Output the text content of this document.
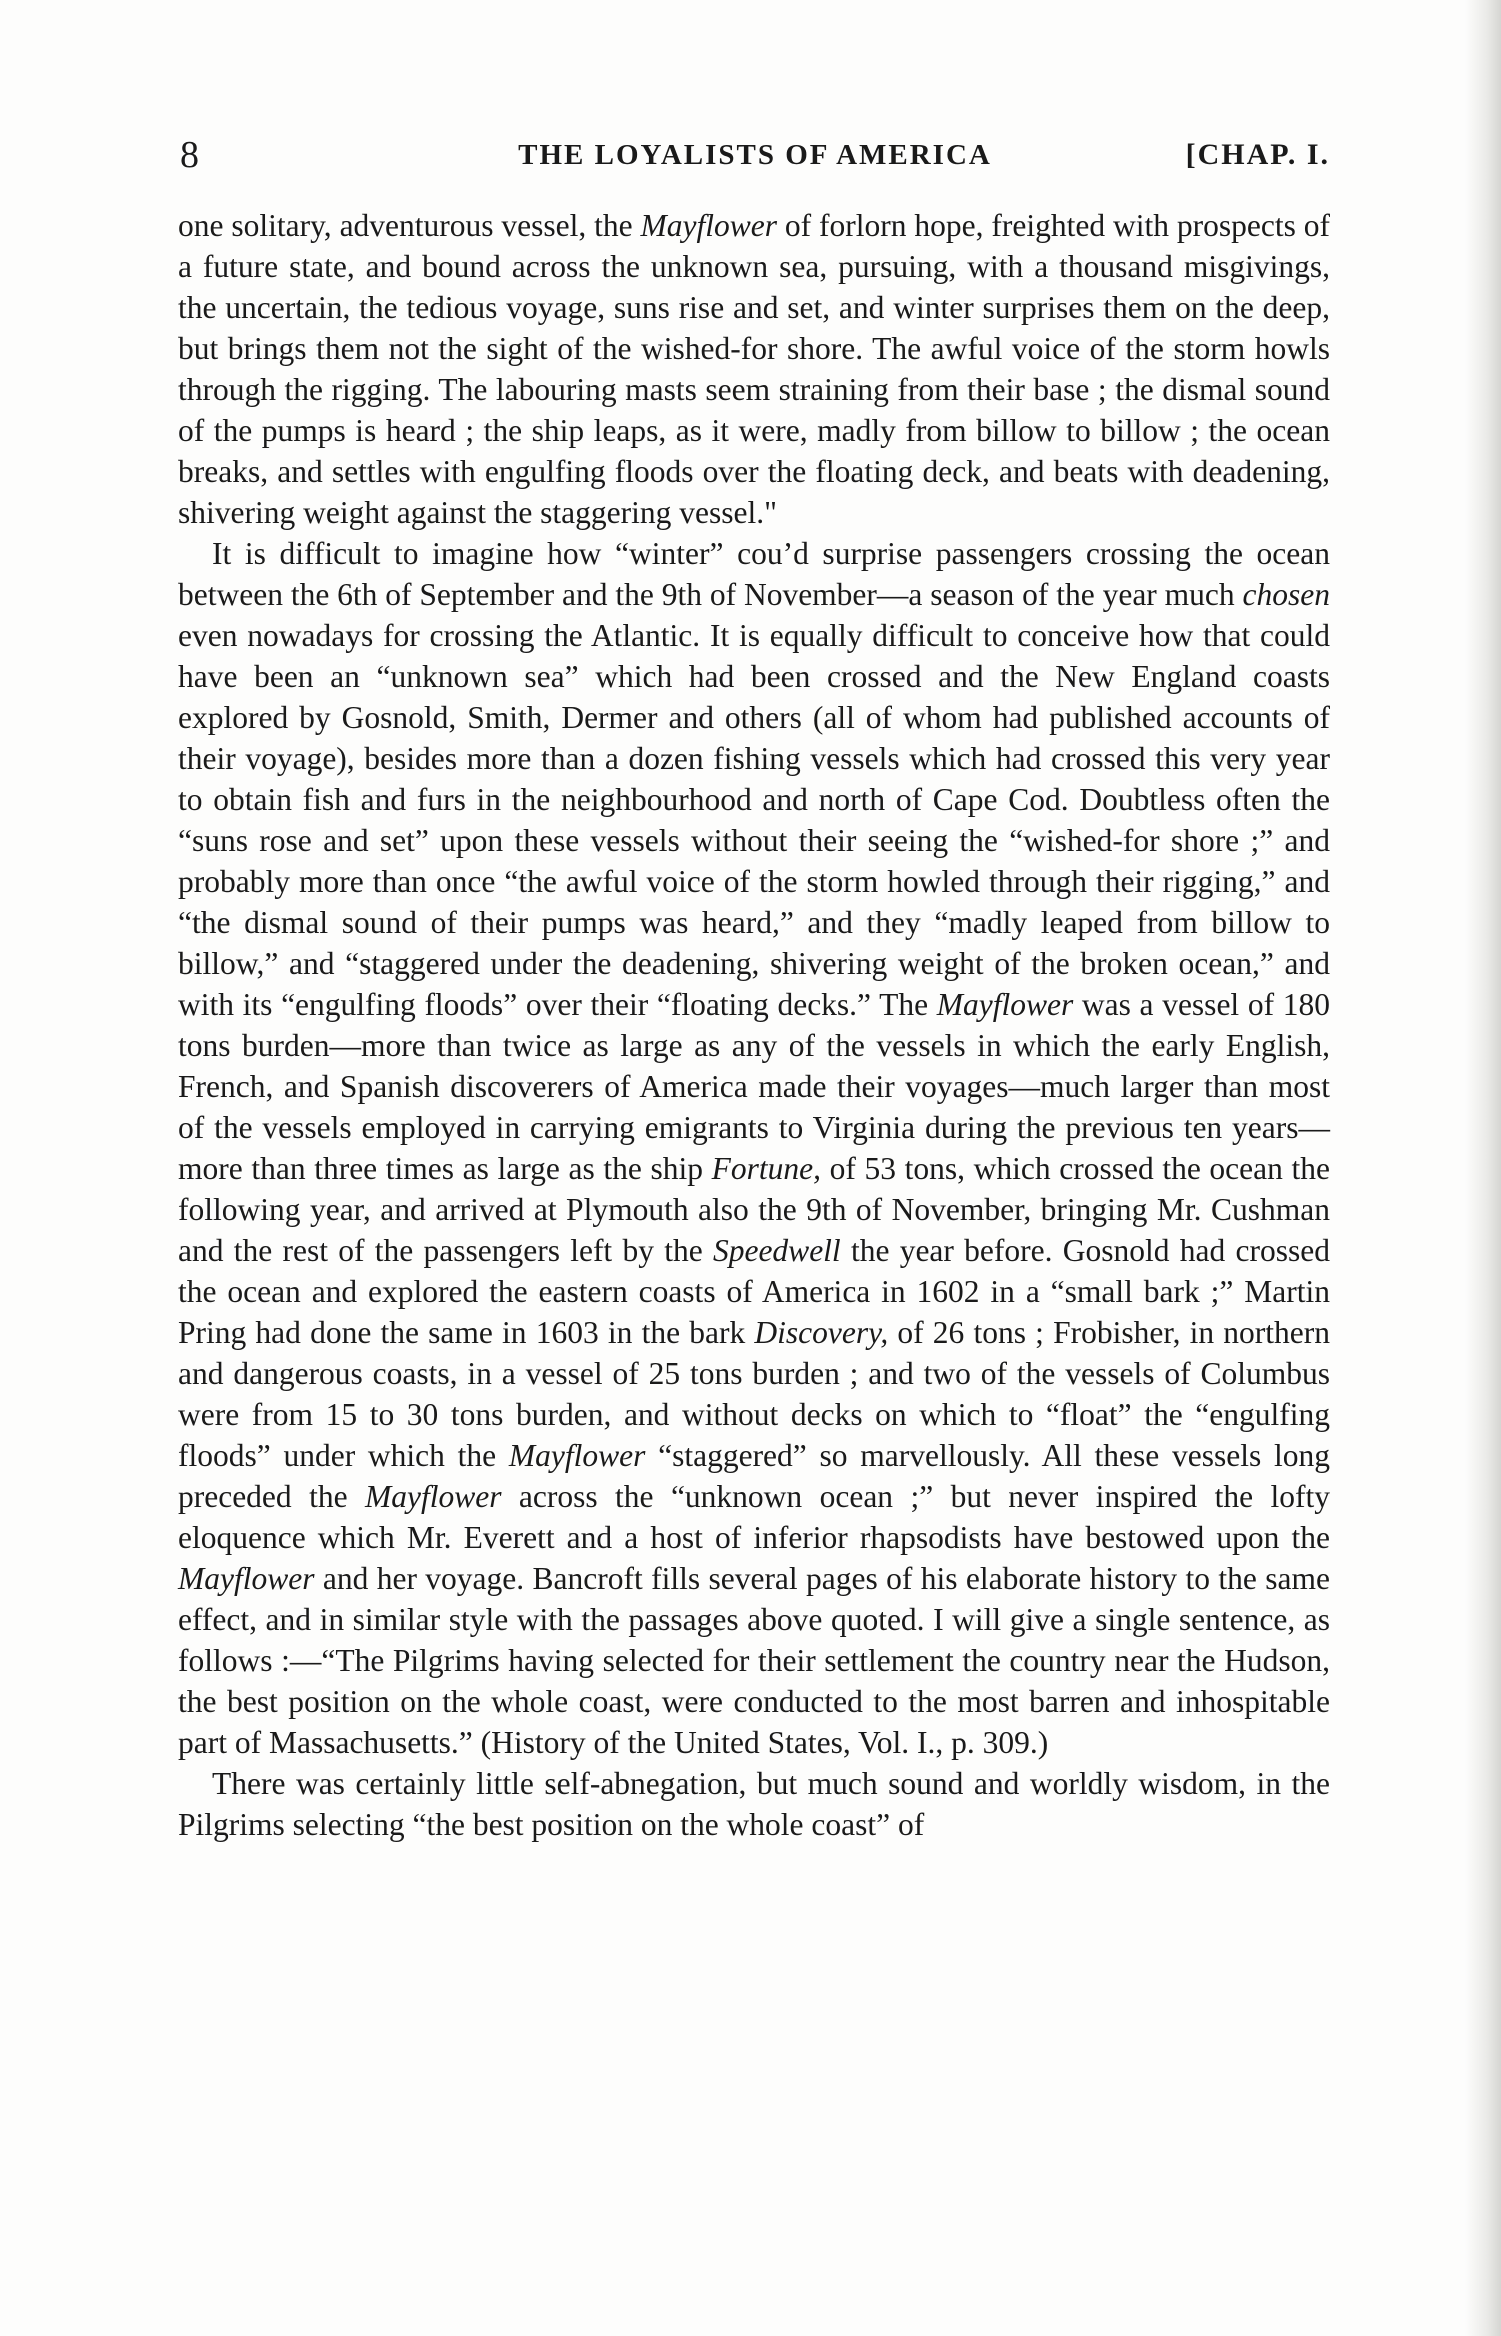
8	THE LOYALISTS OF AMERICA	[CHAP. I.

one solitary, adventurous vessel, the Mayflower of forlorn hope, freighted with prospects of a future state, and bound across the unknown sea, pursuing, with a thousand misgivings, the uncertain, the tedious voyage, suns rise and set, and winter surprises them on the deep, but brings them not the sight of the wished-for shore. The awful voice of the storm howls through the rigging. The labouring masts seem straining from their base ; the dismal sound of the pumps is heard ; the ship leaps, as it were, madly from billow to billow ; the ocean breaks, and settles with engulfing floods over the floating deck, and beats with deadening, shivering weight against the staggering vessel."

It is difficult to imagine how “winter” cou’d surprise passengers crossing the ocean between the 6th of September and the 9th of November—a season of the year much chosen even nowadays for crossing the Atlantic. It is equally difficult to conceive how that could have been an “unknown sea” which had been crossed and the New England coasts explored by Gosnold, Smith, Dermer and others (all of whom had published accounts of their voyage), besides more than a dozen fishing vessels which had crossed this very year to obtain fish and furs in the neighbourhood and north of Cape Cod. Doubtless often the “suns rose and set” upon these vessels without their seeing the “wished-for shore ;” and probably more than once “the awful voice of the storm howled through their rigging,” and “the dismal sound of their pumps was heard,” and they “madly leaped from billow to billow,” and “staggered under the deadening, shivering weight of the broken ocean,” and with its “engulfing floods” over their “floating decks.” The Mayflower was a vessel of 180 tons burden—more than twice as large as any of the vessels in which the early English, French, and Spanish discoverers of America made their voyages—much larger than most of the vessels employed in carrying emigrants to Virginia during the previous ten years—more than three times as large as the ship Fortune, of 53 tons, which crossed the ocean the following year, and arrived at Plymouth also the 9th of November, bringing Mr. Cushman and the rest of the passengers left by the Speedwell the year before. Gosnold had crossed the ocean and explored the eastern coasts of America in 1602 in a “small bark ;” Martin Pring had done the same in 1603 in the bark Discovery, of 26 tons ; Frobisher, in northern and dangerous coasts, in a vessel of 25 tons burden ; and two of the vessels of Columbus were from 15 to 30 tons burden, and without decks on which to “float” the “engulfing floods” under which the Mayflower “staggered” so marvellously. All these vessels long preceded the Mayflower across the “unknown ocean ;” but never inspired the lofty eloquence which Mr. Everett and a host of inferior rhapsodists have bestowed upon the Mayflower and her voyage. Bancroft fills several pages of his elaborate history to the same effect, and in similar style with the passages above quoted. I will give a single sentence, as follows :—“The Pilgrims having selected for their settlement the country near the Hudson, the best position on the whole coast, were conducted to the most barren and inhospitable part of Massachusetts.” (History of the United States, Vol. I., p. 309.)

There was certainly little self-abnegation, but much sound and worldly wisdom, in the Pilgrims selecting “the best position on the whole coast” of
